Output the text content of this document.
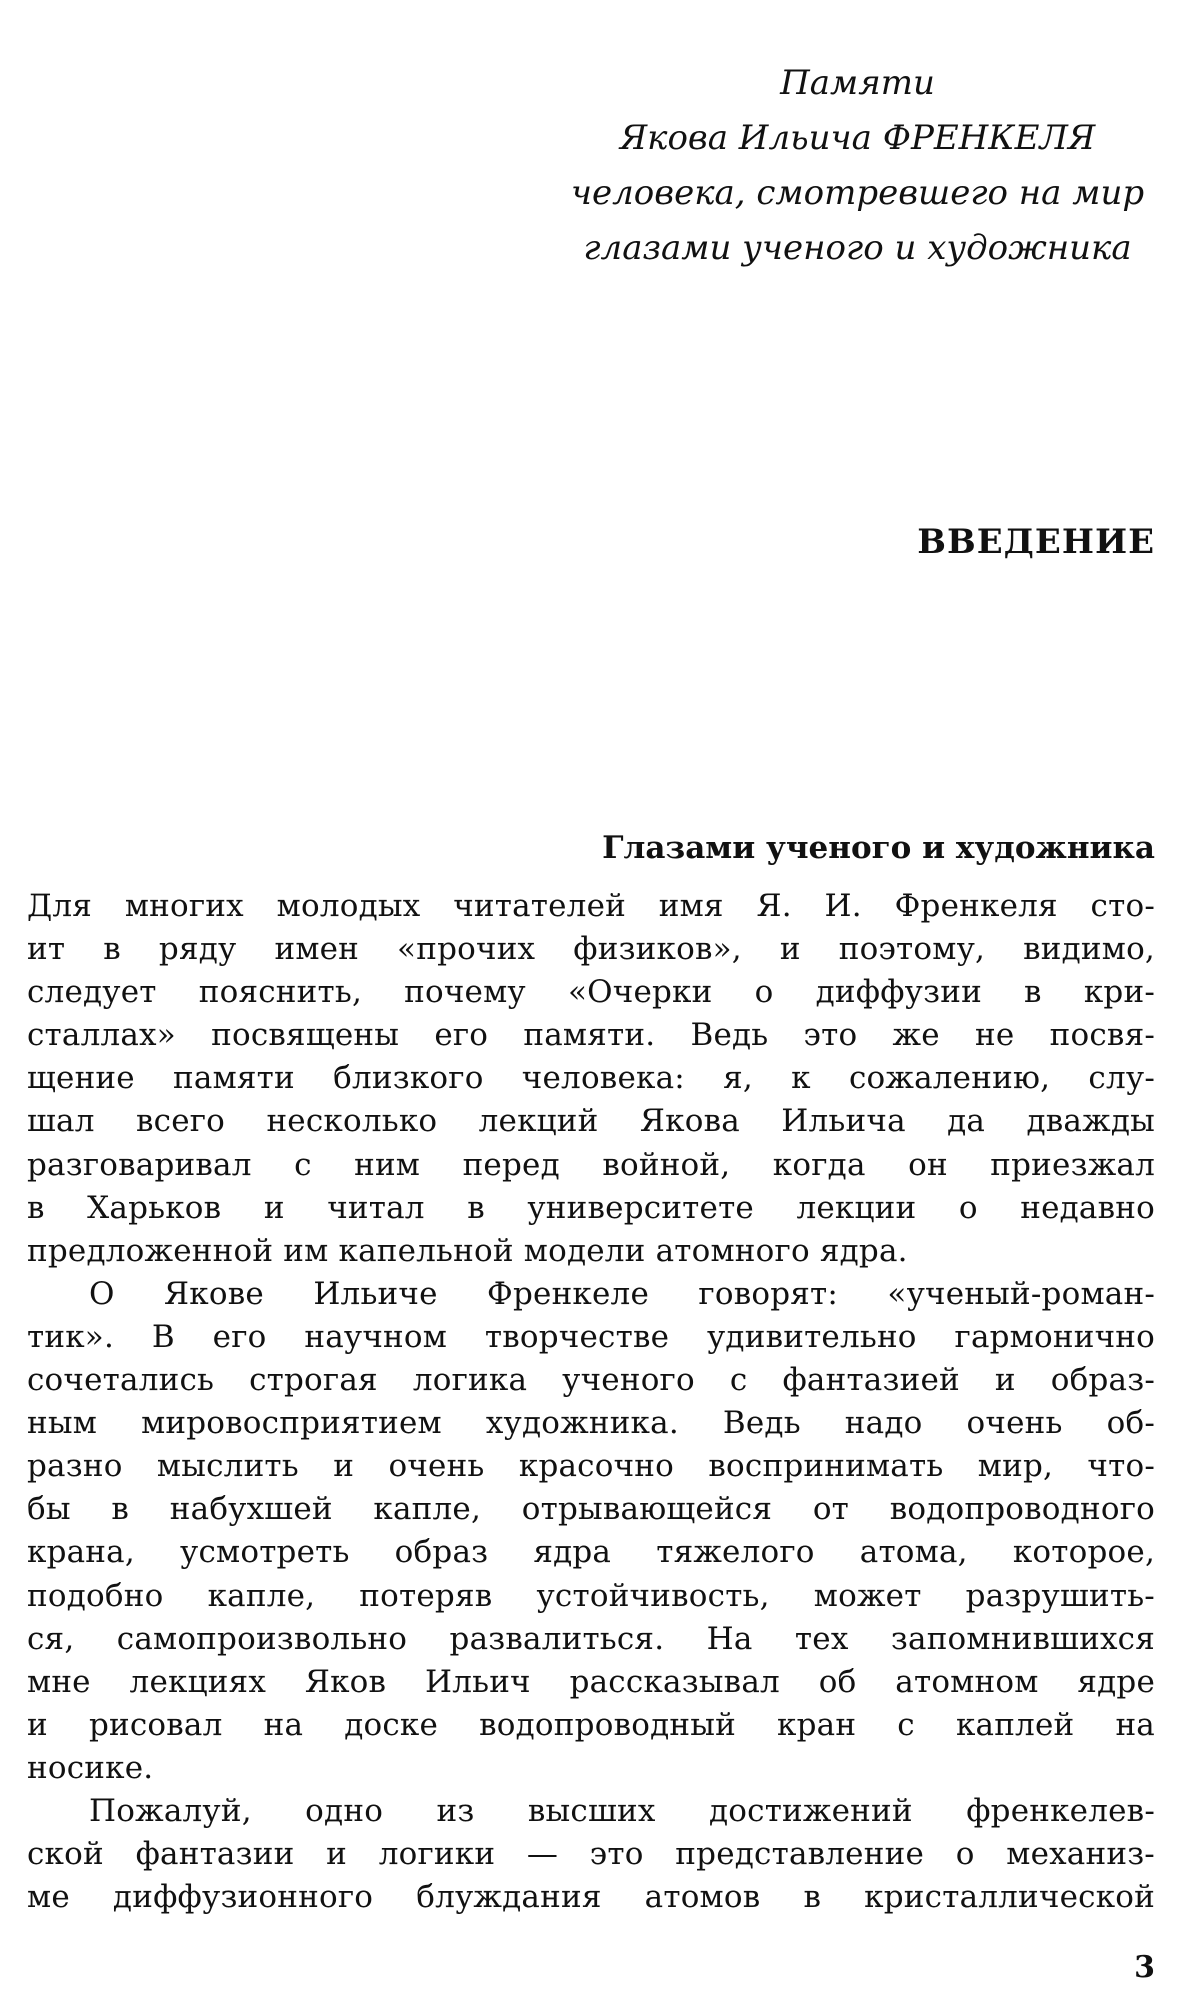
Памяти
Якова Ильича ФРЕНКЕЛЯ
человека, смотревшего на мир
глазами ученого и художника
ВВЕДЕНИЕ
Глазами ученого и художника
Для многих молодых читателей имя Я. И. Френкеля сто-
ит в ряду имен «прочих физиков», и поэтому, видимо,
следует пояснить, почему «Очерки о диффузии в кри-
сталлах» посвящены его памяти. Ведь это же не посвя-
щение памяти близкого человека: я, к сожалению, слу-
шал всего несколько лекций Якова Ильича да дважды
разговаривал с ним перед войной, когда он приезжал
в Харьков и читал в университете лекции о недавно
предложенной им капельной модели атомного ядра.
О Якове Ильиче Френкеле говорят: «ученый-роман-
тик». В его научном творчестве удивительно гармонично
сочетались строгая логика ученого с фантазией и образ-
ным мировосприятием художника. Ведь надо очень об-
разно мыслить и очень красочно воспринимать мир, что-
бы в набухшей капле, отрывающейся от водопроводного
крана, усмотреть образ ядра тяжелого атома, которое,
подобно капле, потеряв устойчивость, может разрушить-
ся, самопроизвольно развалиться. На тех запомнившихся
мне лекциях Яков Ильич рассказывал об атомном ядре
и рисовал на доске водопроводный кран с каплей на
носике.
Пожалуй, одно из высших достижений френкелев-
ской фантазии и логики — это представление о механиз-
ме диффузионного блуждания атомов в кристаллической
3
